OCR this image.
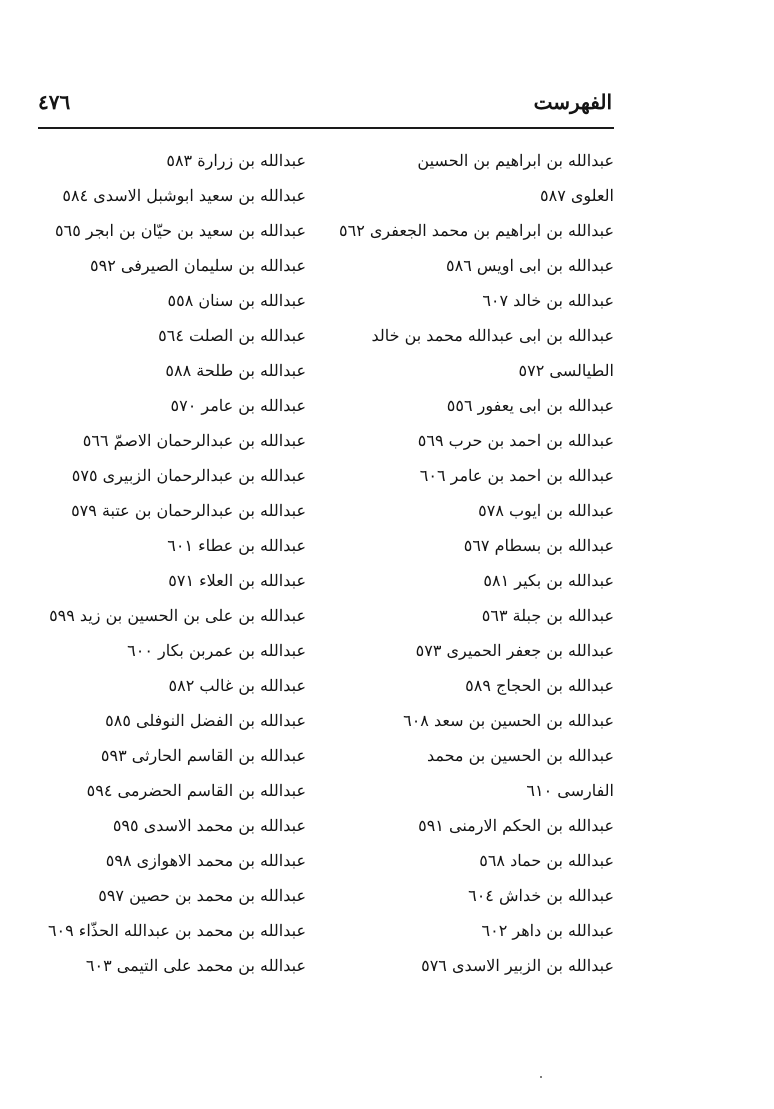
الفهرست
٤٧٦
عبدالله بن ابراهيم بن الحسين
العلوى ٥٨٧
عبدالله بن ابراهيم بن محمد الجعفرى ٥٦٢
عبدالله بن ابى اويس ٥٨٦
عبدالله بن خالد ٦٠٧
عبدالله بن ابى عبدالله محمد بن خالد
الطيالسى ٥٧٢
عبدالله بن ابى يعفور ٥٥٦
عبدالله بن احمد بن حرب ٥٦٩
عبدالله بن احمد بن عامر ٦٠٦
عبدالله بن ايوب ٥٧٨
عبدالله بن بسطام ٥٦٧
عبدالله بن بكير ٥٨١
عبدالله بن جبلة ٥٦٣
عبدالله بن جعفر الحميرى ٥٧٣
عبدالله بن الحجاج ٥٨٩
عبدالله بن الحسين بن سعد ٦٠٨
عبدالله بن الحسين بن محمد
الفارسى ٦١٠
عبدالله بن الحكم الارمنى ٥٩١
عبدالله بن حماد ٥٦٨
عبدالله بن خداش ٦٠٤
عبدالله بن داهر ٦٠٢
عبدالله بن الزبير الاسدى ٥٧٦
عبدالله بن زرارة ٥٨٣
عبدالله بن سعيد ابوشبل الاسدى ٥٨٤
عبدالله بن سعيد بن حيّان بن ابجر ٥٦٥
عبدالله بن سليمان الصيرفى ٥٩٢
عبدالله بن سنان ٥٥٨
عبدالله بن الصلت ٥٦٤
عبدالله بن طلحة ٥٨٨
عبدالله بن عامر ٥٧٠
عبدالله بن عبدالرحمان الاصمّ ٥٦٦
عبدالله بن عبدالرحمان الزبيرى ٥٧٥
عبدالله بن عبدالرحمان بن عتبة ٥٧٩
عبدالله بن عطاء ٦٠١
عبدالله بن العلاء ٥٧١
عبدالله بن على بن الحسين بن زيد ٥٩٩
عبدالله بن عمربن بكار ٦٠٠
عبدالله بن غالب ٥٨٢
عبدالله بن الفضل النوفلى ٥٨٥
عبدالله بن القاسم الحارثى ٥٩٣
عبدالله بن القاسم الحضرمى ٥٩٤
عبدالله بن محمد الاسدى ٥٩٥
عبدالله بن محمد الاهوازى ٥٩٨
عبدالله بن محمد بن حصين ٥٩٧
عبدالله بن محمد بن عبدالله الحذّاء ٦٠٩
عبدالله بن محمد على التيمى ٦٠٣
